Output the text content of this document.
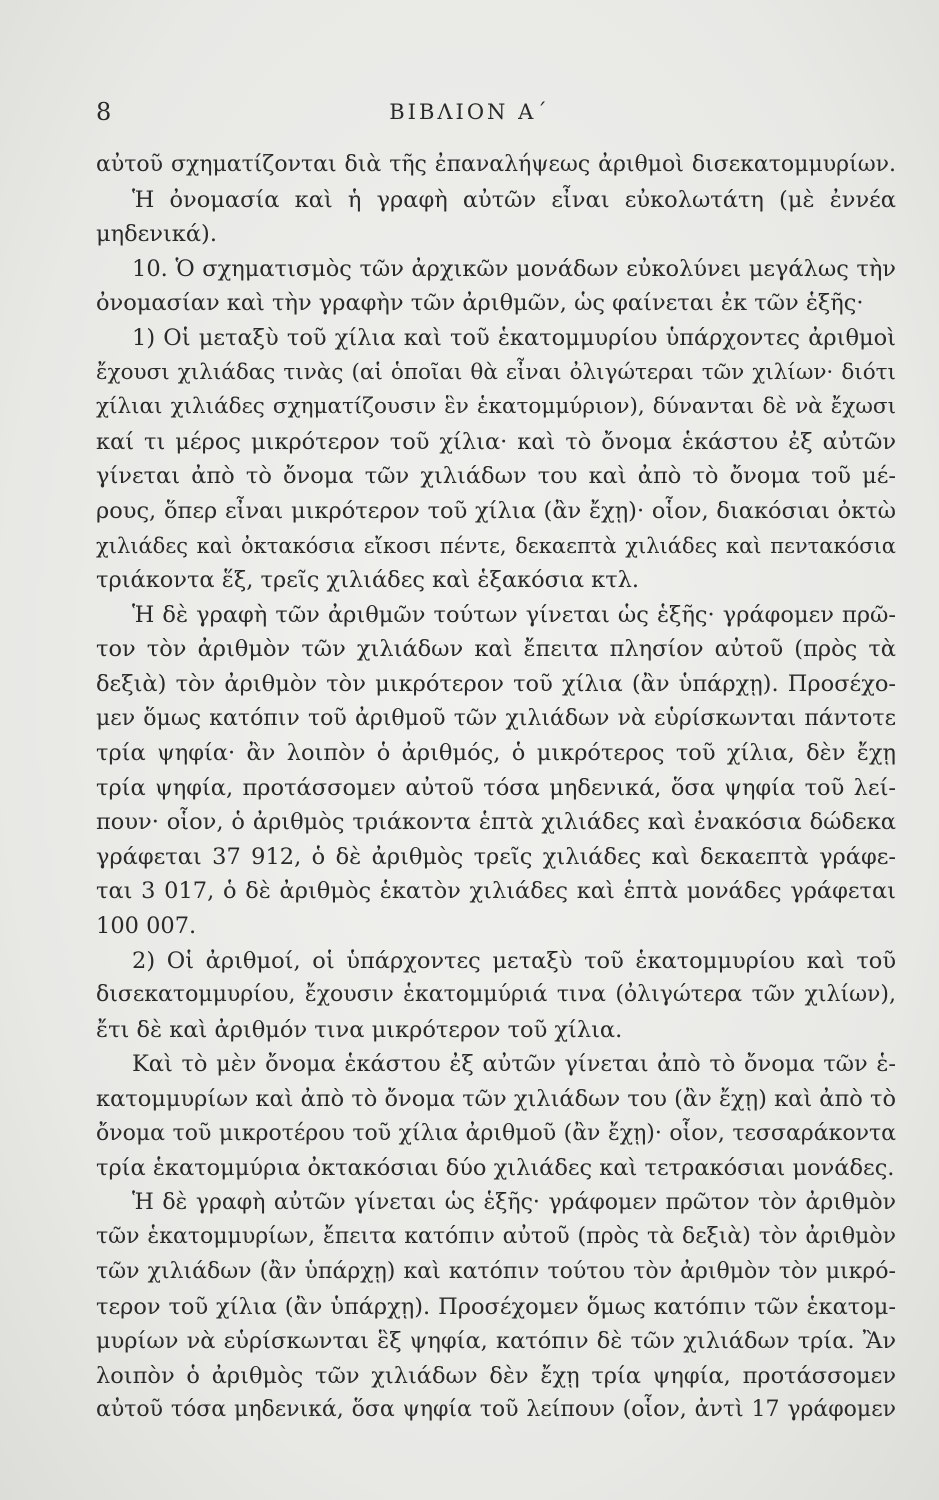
8	ΒΙΒΛΙΟΝ Α΄
αὐτοῦ σχηματίζονται διὰ τῆς ἐπαναλήψεως ἀριθμοὶ δισεκατομμυρίων.
Ἡ ὀνομασία καὶ ἡ γραφὴ αὐτῶν εἶναι εὐκολωτάτη (μὲ ἐννέα
μηδενικά).
10. Ὁ σχηματισμὸς τῶν ἀρχικῶν μονάδων εὐκολύνει μεγάλως τὴν
ὀνομασίαν καὶ τὴν γραφὴν τῶν ἀριθμῶν, ὡς φαίνεται ἐκ τῶν ἑξῆς·
1) Οἱ μεταξὺ τοῦ χίλια καὶ τοῦ ἑκατομμυρίου ὑπάρχοντες ἀριθμοὶ
ἔχουσι χιλιάδας τινὰς (αἱ ὁποῖαι θὰ εἶναι ὀλιγώτεραι τῶν χιλίων· διότι
χίλιαι χιλιάδες σχηματίζουσιν ἓν ἑκατομμύριον), δύνανται δὲ νὰ ἔχωσι
καί τι μέρος μικρότερον τοῦ χίλια· καὶ τὸ ὄνομα ἑκάστου ἐξ αὐτῶν
γίνεται ἀπὸ τὸ ὄνομα τῶν χιλιάδων του καὶ ἀπὸ τὸ ὄνομα τοῦ μέ-
ρους, ὅπερ εἶναι μικρότερον τοῦ χίλια (ἂν ἔχῃ)· οἷον, διακόσιαι ὀκτὼ
χιλιάδες καὶ ὀκτακόσια εἴκοσι πέντε, δεκαεπτὰ χιλιάδες καὶ πεντακόσια
τριάκοντα ἕξ, τρεῖς χιλιάδες καὶ ἑξακόσια κτλ.
Ἡ δὲ γραφὴ τῶν ἀριθμῶν τούτων γίνεται ὡς ἑξῆς· γράφομεν πρῶ-
τον τὸν ἀριθμὸν τῶν χιλιάδων καὶ ἔπειτα πλησίον αὐτοῦ (πρὸς τὰ
δεξιὰ) τὸν ἀριθμὸν τὸν μικρότερον τοῦ χίλια (ἂν ὑπάρχῃ). Προσέχο-
μεν ὅμως κατόπιν τοῦ ἀριθμοῦ τῶν χιλιάδων νὰ εὑρίσκωνται πάντοτε
τρία ψηφία· ἂν λοιπὸν ὁ ἀριθμός, ὁ μικρότερος τοῦ χίλια, δὲν ἔχῃ
τρία ψηφία, προτάσσομεν αὐτοῦ τόσα μηδενικά, ὅσα ψηφία τοῦ λεί-
πουν· οἷον, ὁ ἀριθμὸς τριάκοντα ἑπτὰ χιλιάδες καὶ ἐνακόσια δώδεκα
γράφεται 37 912, ὁ δὲ ἀριθμὸς τρεῖς χιλιάδες καὶ δεκαεπτὰ γράφε-
ται 3 017, ὁ δὲ ἀριθμὸς ἑκατὸν χιλιάδες καὶ ἑπτὰ μονάδες γράφεται
100 007.
2) Οἱ ἀριθμοί, οἱ ὑπάρχοντες μεταξὺ τοῦ ἑκατομμυρίου καὶ τοῦ
δισεκατομμυρίου, ἔχουσιν ἑκατομμύριά τινα (ὀλιγώτερα τῶν χιλίων),
ἔτι δὲ καὶ ἀριθμόν τινα μικρότερον τοῦ χίλια.
Καὶ τὸ μὲν ὄνομα ἑκάστου ἐξ αὐτῶν γίνεται ἀπὸ τὸ ὄνομα τῶν ἑ-
κατομμυρίων καὶ ἀπὸ τὸ ὄνομα τῶν χιλιάδων του (ἂν ἔχῃ) καὶ ἀπὸ τὸ
ὄνομα τοῦ μικροτέρου τοῦ χίλια ἀριθμοῦ (ἂν ἔχῃ)· οἷον, τεσσαράκοντα
τρία ἑκατομμύρια ὀκτακόσιαι δύο χιλιάδες καὶ τετρακόσιαι μονάδες.
Ἡ δὲ γραφὴ αὐτῶν γίνεται ὡς ἑξῆς· γράφομεν πρῶτον τὸν ἀριθμὸν
τῶν ἑκατομμυρίων, ἔπειτα κατόπιν αὐτοῦ (πρὸς τὰ δεξιὰ) τὸν ἀριθμὸν
τῶν χιλιάδων (ἂν ὑπάρχῃ) καὶ κατόπιν τούτου τὸν ἀριθμὸν τὸν μικρό-
τερον τοῦ χίλια (ἂν ὑπάρχῃ). Προσέχομεν ὅμως κατόπιν τῶν ἑκατομ-
μυρίων νὰ εὑρίσκωνται ἓξ ψηφία, κατόπιν δὲ τῶν χιλιάδων τρία. Ἂν
λοιπὸν ὁ ἀριθμὸς τῶν χιλιάδων δὲν ἔχῃ τρία ψηφία, προτάσσομεν
αὐτοῦ τόσα μηδενικά, ὅσα ψηφία τοῦ λείπουν (οἷον, ἀντὶ 17 γράφομεν
